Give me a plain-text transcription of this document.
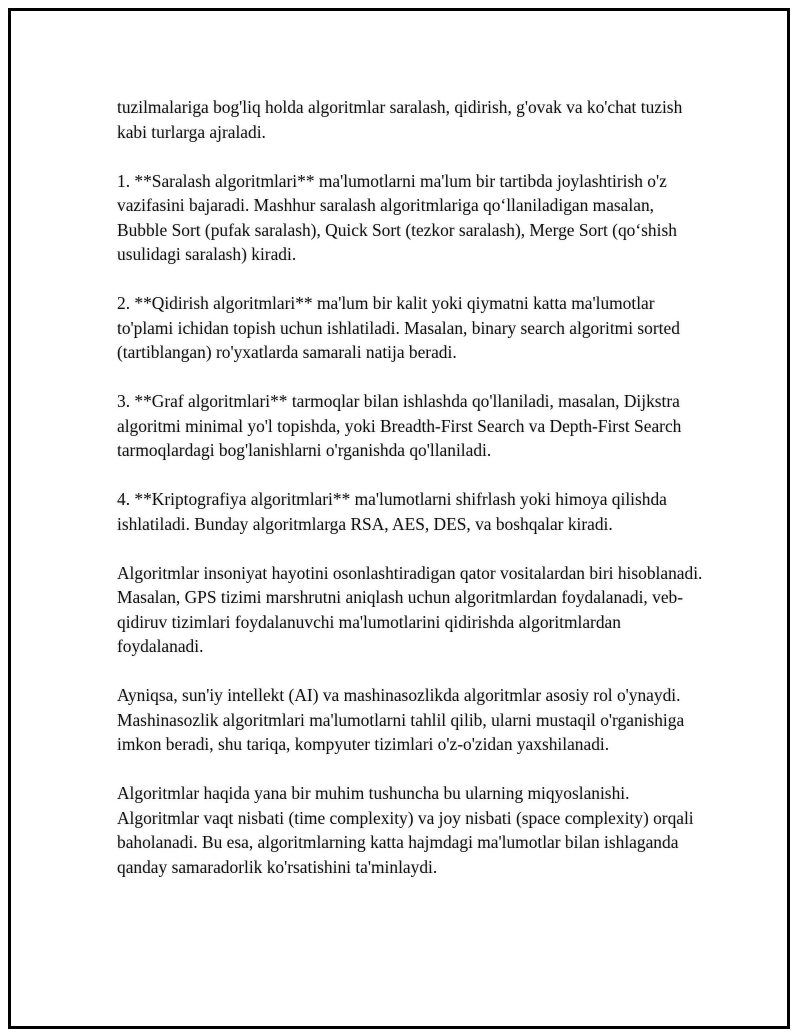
tuzilmalariga bog'liq holda algoritmlar saralash, qidirish, g'ovak va ko'chat tuzish kabi turlarga ajraladi.

1. **Saralash algoritmlari** ma'lumotlarni ma'lum bir tartibda joylashtirish o'z vazifasini bajaradi. Mashhur saralash algoritmlariga qo‘llaniladigan masalan, Bubble Sort (pufak saralash), Quick Sort (tezkor saralash), Merge Sort (qo‘shish usulidagi saralash) kiradi.

2. **Qidirish algoritmlari** ma'lum bir kalit yoki qiymatni katta ma'lumotlar to'plami ichidan topish uchun ishlatiladi. Masalan, binary search algoritmi sorted (tartiblangan) ro'yxatlarda samarali natija beradi.

3. **Graf algoritmlari** tarmoqlar bilan ishlashda qo'llaniladi, masalan, Dijkstra algoritmi minimal yo'l topishda, yoki Breadth-First Search va Depth-First Search tarmoqlardagi bog'lanishlarni o'rganishda qo'llaniladi.

4. **Kriptografiya algoritmlari** ma'lumotlarni shifrlash yoki himoya qilishda ishlatiladi. Bunday algoritmlarga RSA, AES, DES, va boshqalar kiradi.

Algoritmlar insoniyat hayotini osonlashtiradigan qator vositalardan biri hisoblanadi. Masalan, GPS tizimi marshrutni aniqlash uchun algoritmlardan foydalanadi, veb-qidiruv tizimlari foydalanuvchi ma'lumotlarini qidirishda algoritmlardan foydalanadi.

Ayniqsa, sun'iy intellekt (AI) va mashinasozlikda algoritmlar asosiy rol o'ynaydi. Mashinasozlik algoritmlari ma'lumotlarni tahlil qilib, ularni mustaqil o'rganishiga imkon beradi, shu tariqa, kompyuter tizimlari o'z-o'zidan yaxshilanadi.

Algoritmlar haqida yana bir muhim tushuncha bu ularning miqyoslanishi. Algoritmlar vaqt nisbati (time complexity) va joy nisbati (space complexity) orqali baholanadi. Bu esa, algoritmlarning katta hajmdagi ma'lumotlar bilan ishlaganda qanday samaradorlik ko'rsatishini ta'minlaydi.
